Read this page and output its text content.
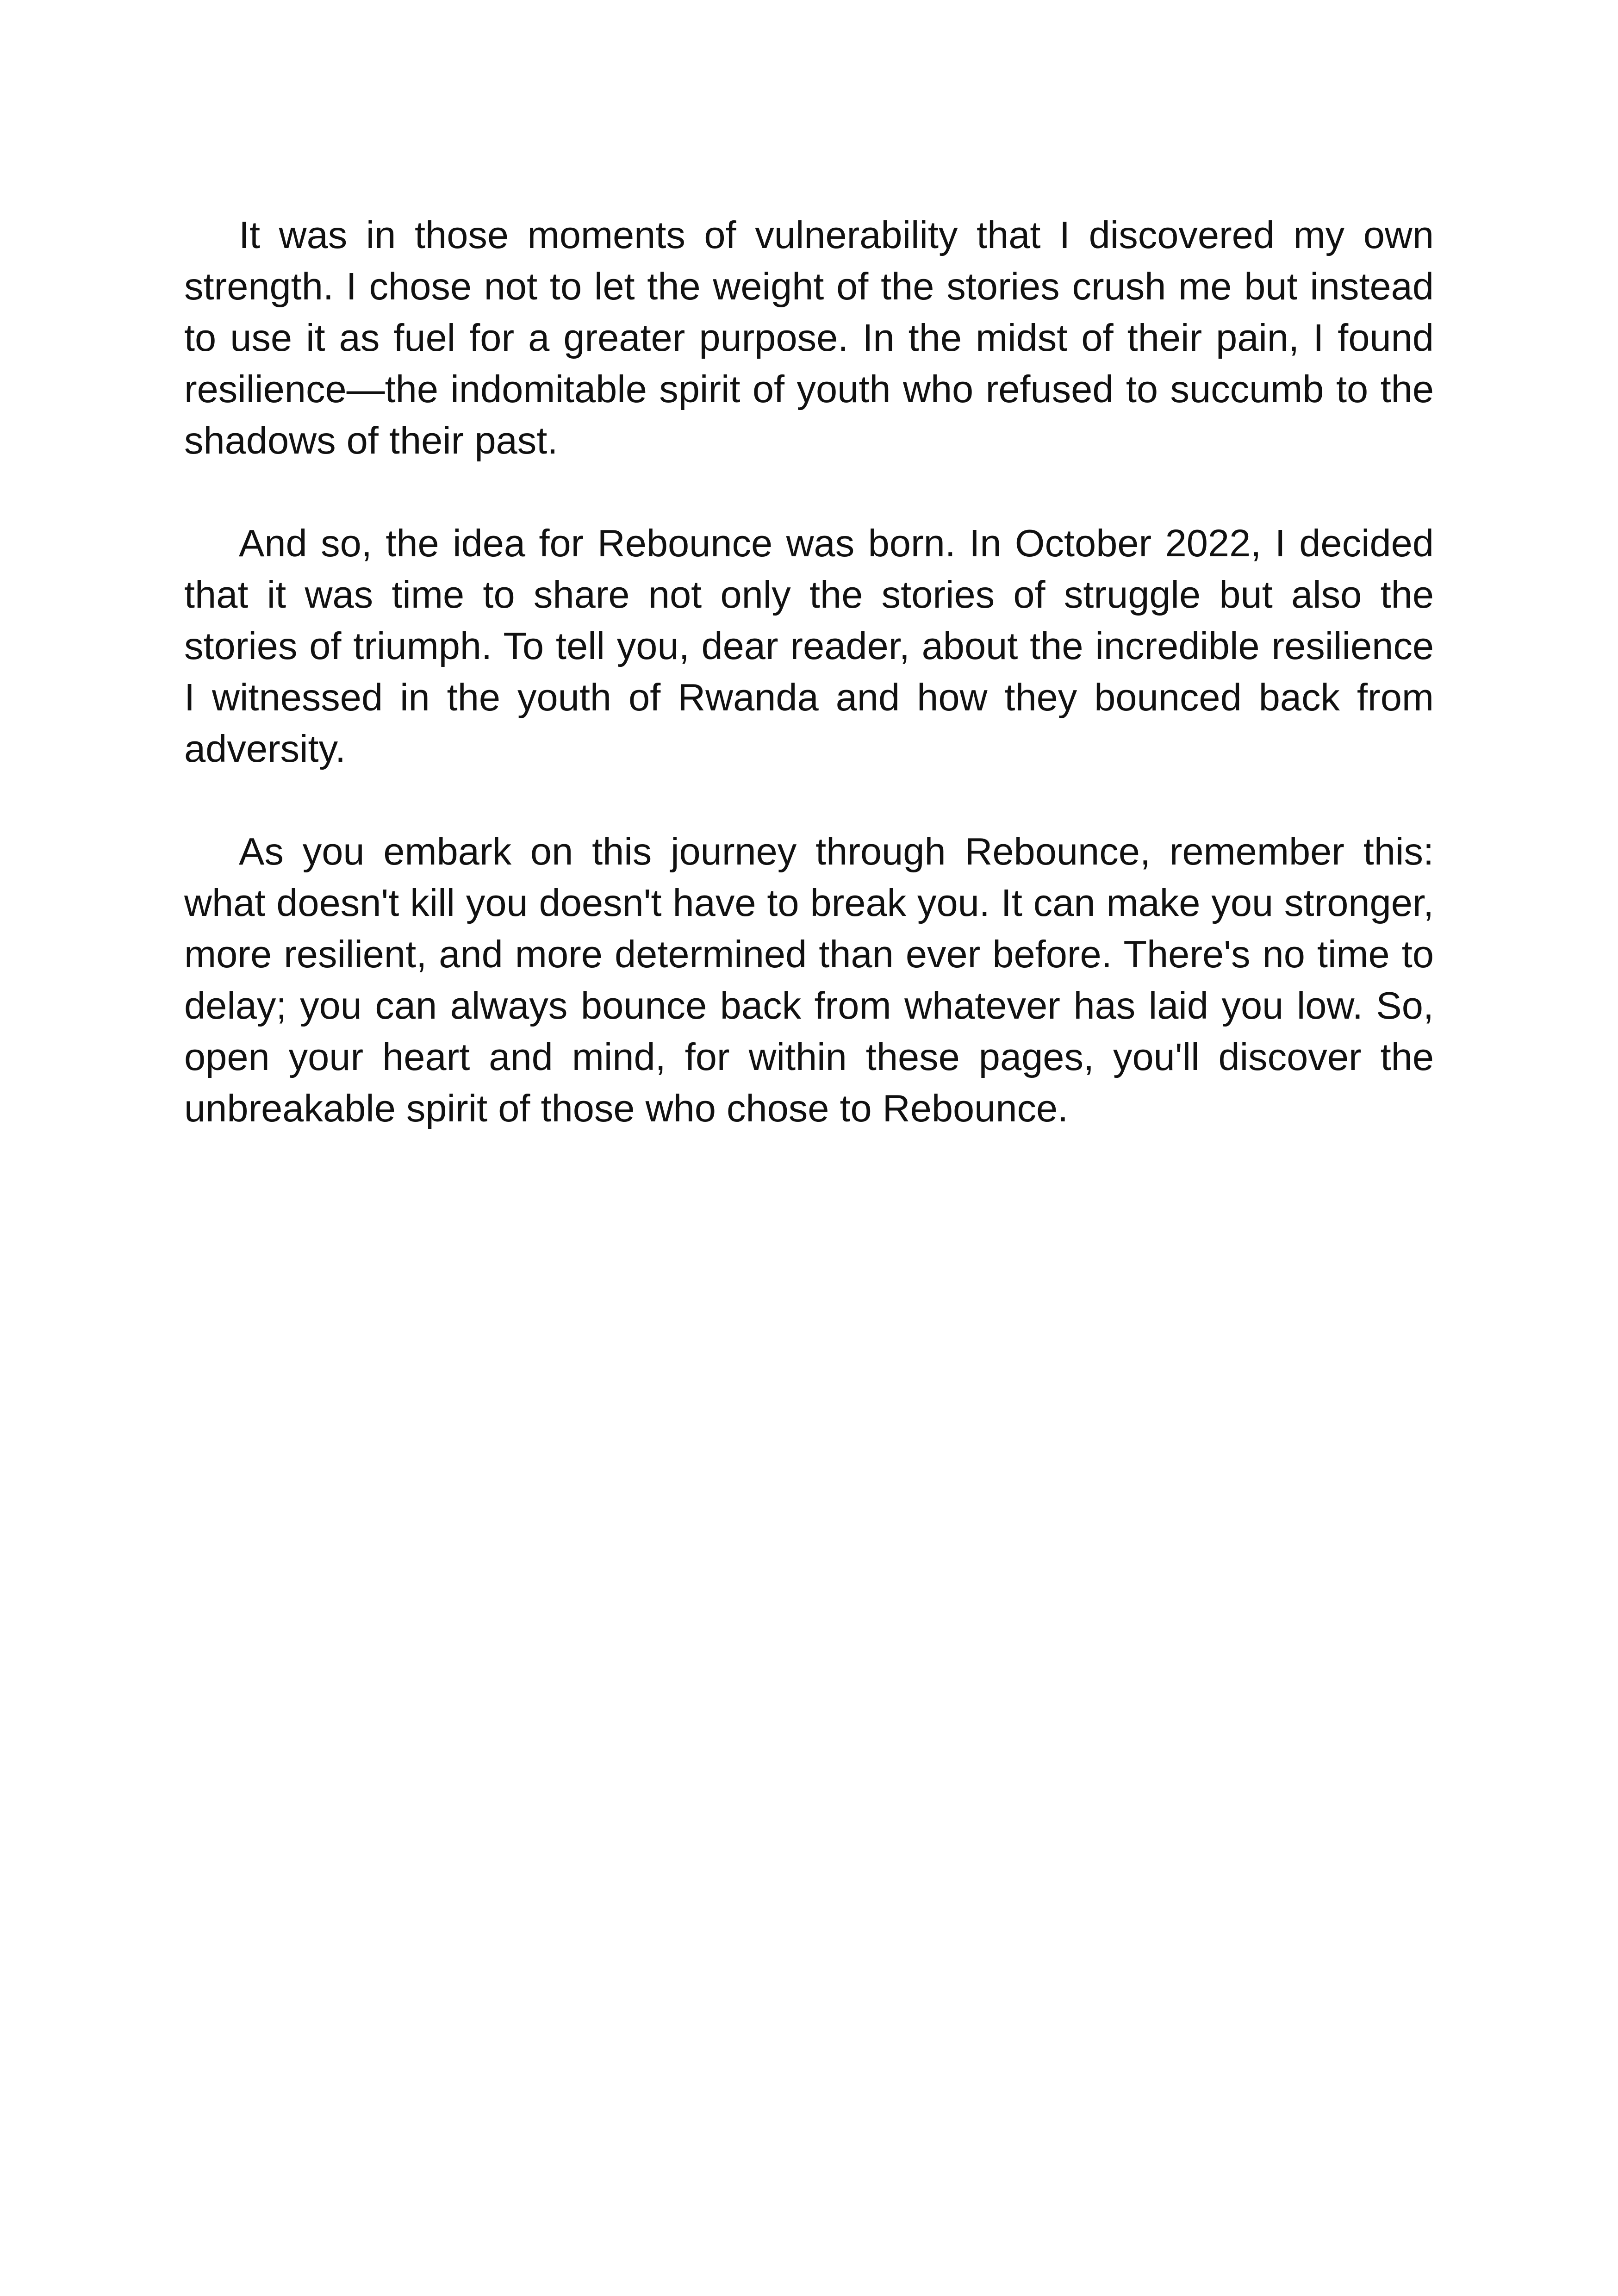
It was in those moments of vulnerability that I discovered my own strength. I chose not to let the weight of the stories crush me but instead to use it as fuel for a greater purpose. In the midst of their pain, I found resilience—the indomitable spirit of youth who refused to succumb to the shadows of their past.

And so, the idea for Rebounce was born. In October 2022, I decided that it was time to share not only the stories of struggle but also the stories of triumph. To tell you, dear reader, about the incredible resilience I witnessed in the youth of Rwanda and how they bounced back from adversity.

As you embark on this journey through Rebounce, remember this: what doesn't kill you doesn't have to break you. It can make you stronger, more resilient, and more determined than ever before. There's no time to delay; you can always bounce back from whatever has laid you low. So, open your heart and mind, for within these pages, you'll discover the unbreakable spirit of those who chose to Rebounce.
